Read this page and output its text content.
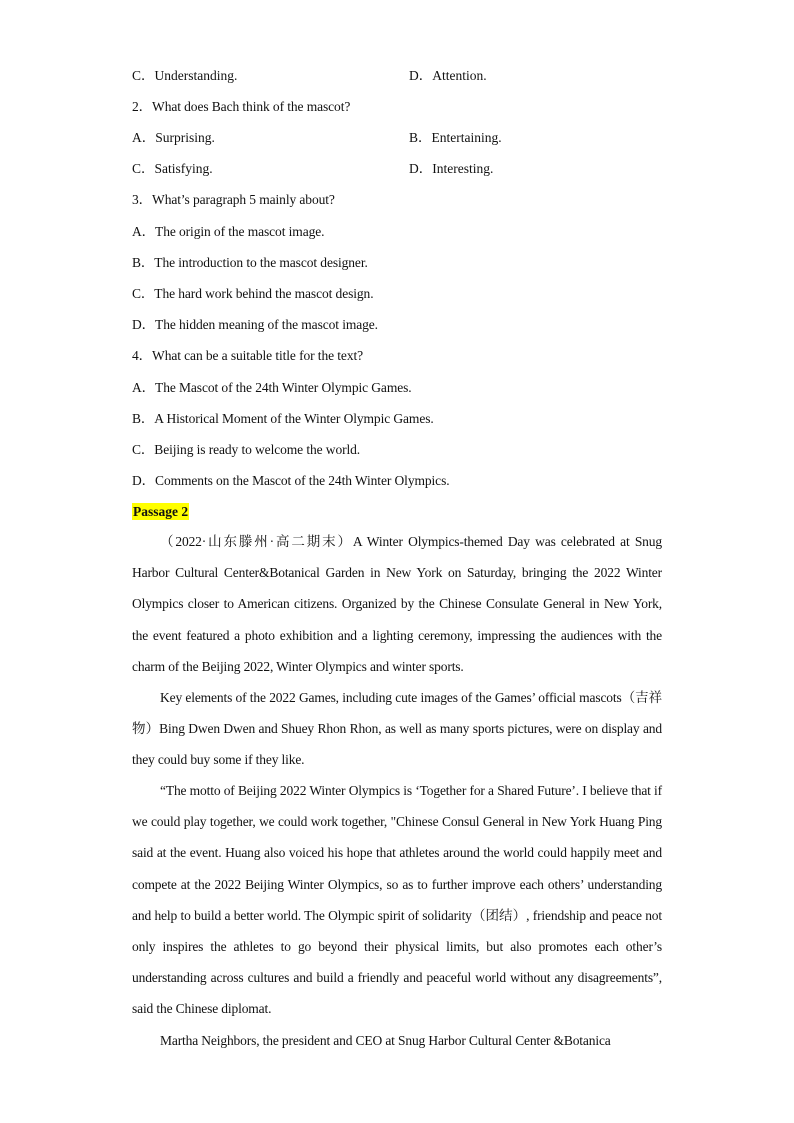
C．Understanding.	D．Attention.
2．What does Bach think of the mascot?
A．Surprising.	B．Entertaining.
C．Satisfying.	D．Interesting.
3．What’s paragraph 5 mainly about?
A．The origin of the mascot image.
B．The introduction to the mascot designer.
C．The hard work behind the mascot design.
D．The hidden meaning of the mascot image.
4．What can be a suitable title for the text?
A．The Mascot of the 24th Winter Olympic Games.
B．A Historical Moment of the Winter Olympic Games.
C．Beijing is ready to welcome the world.
D．Comments on the Mascot of the 24th Winter Olympics.
Passage 2
（2022·山东滕州·高二期末）A Winter Olympics-themed Day was celebrated at Snug Harbor Cultural Center&Botanical Garden in New York on Saturday, bringing the 2022 Winter Olympics closer to American citizens. Organized by the Chinese Consulate General in New York, the event featured a photo exhibition and a lighting ceremony, impressing the audiences with the charm of the Beijing 2022, Winter Olympics and winter sports.
Key elements of the 2022 Games, including cute images of the Games’ official mascots（吉祥物）Bing Dwen Dwen and Shuey Rhon Rhon, as well as many sports pictures, were on display and they could buy some if they like.
“The motto of Beijing 2022 Winter Olympics is ‘Together for a Shared Future’. I believe that if we could play together, we could work together, "Chinese Consul General in New York Huang Ping said at the event. Huang also voiced his hope that athletes around the world could happily meet and compete at the 2022 Beijing Winter Olympics, so as to further improve each others’ understanding and help to build a better world. The Olympic spirit of solidarity（团结）, friendship and peace not only inspires the athletes to go beyond their physical limits, but also promotes each other’s understanding across cultures and build a friendly and peaceful world without any disagreements”, said the Chinese diplomat.
Martha Neighbors, the president and CEO at Snug Harbor Cultural Center &Botanica
